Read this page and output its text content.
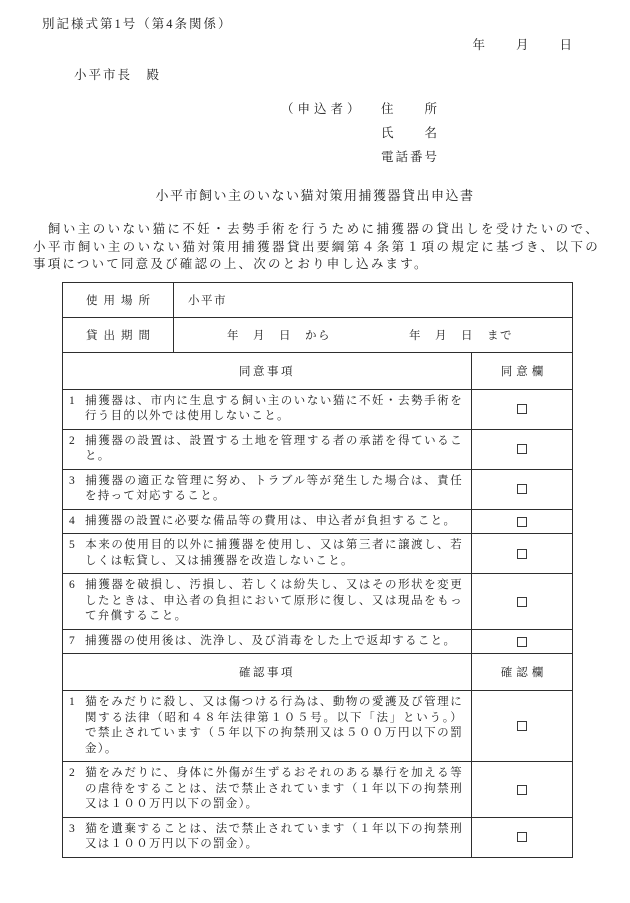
別記様式第1号（第4条関係）
年　　月　　日
小平市長　殿
（申込者） 住　　所
氏　　名
電話番号
小平市飼い主のいない猫対策用捕獲器貸出申込書

　飼い主のいない猫に不妊・去勢手術を行うために捕獲器の貸出しを受けたいので、小平市飼い主のいない猫対策用捕獲器貸出要綱第４条第１項の規定に基づき、以下の事項について同意及び確認の上、次のとおり申し込みます。

使用場所	小平市	
貸出期間	年　月　日　から　　　　　　年　月　日　まで	
同意事項		同意欄

1 捕獲器は、市内に生息する飼い主のいない猫に不妊・去勢手術を行う目的以外では使用しないこと。		

2 捕獲器の設置は、設置する土地を管理する者の承諾を得ていること。		

3 捕獲器の適正な管理に努め、トラブル等が発生した場合は、責任を持って対応すること。		

4 捕獲器の設置に必要な備品等の費用は、申込者が負担すること。		

5 本来の使用目的以外に捕獲器を使用し、又は第三者に譲渡し、若しくは転貸し、又は捕獲器を改造しないこと。		

6 捕獲器を破損し、汚損し、若しくは紛失し、又はその形状を変更したときは、申込者の負担において原形に復し、又は現品をもって弁償すること。		

7 捕獲器の使用後は、洗浄し、及び消毒をした上で返却すること。		

確認事項		確認欄

1 猫をみだりに殺し、又は傷つける行為は、動物の愛護及び管理に関する法律（昭和４８年法律第１０５号。以下「法」という。）で禁止されています（５年以下の拘禁刑又は５００万円以下の罰金）。		

2 猫をみだりに、身体に外傷が生ずるおそれのある暴行を加える等の虐待をすることは、法で禁止されています（１年以下の拘禁刑又は１００万円以下の罰金）。		

3 猫を遺棄することは、法で禁止されています（１年以下の拘禁刑又は１００万円以下の罰金）。		
